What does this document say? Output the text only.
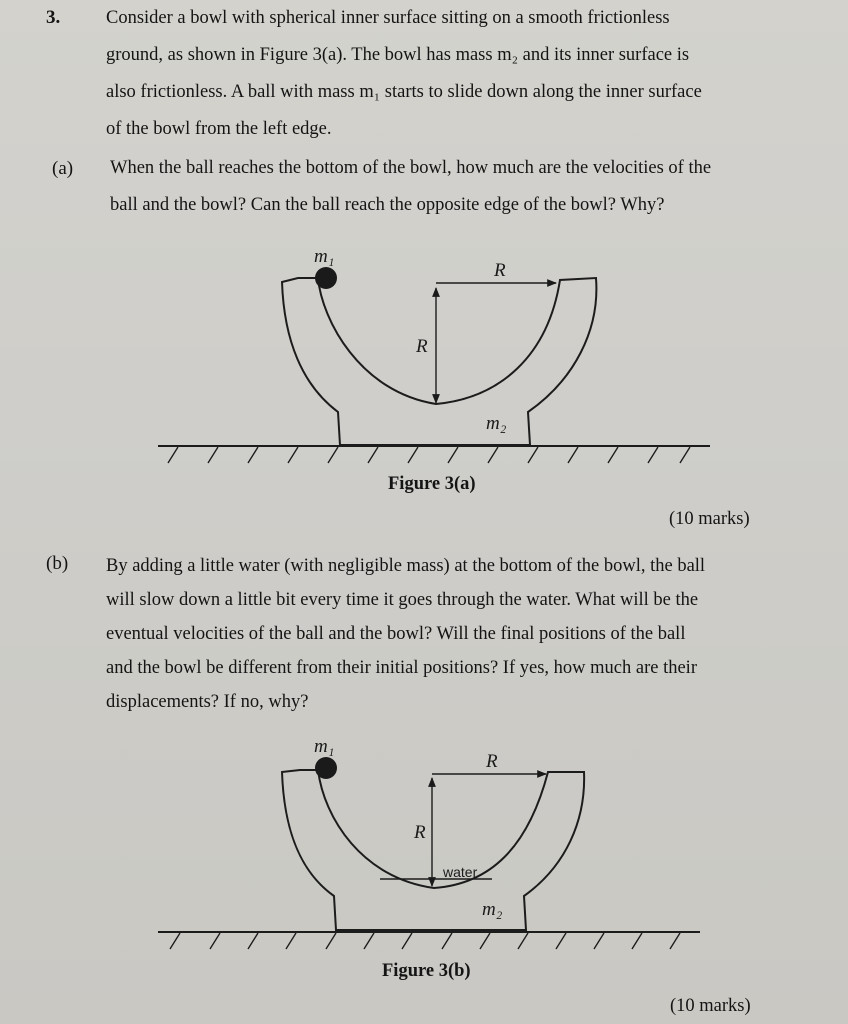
3. Consider a bowl with spherical inner surface sitting on a smooth frictionless
ground, as shown in Figure 3(a). The bowl has mass m₂ and its inner surface is
also frictionless. A ball with mass m₁ starts to slide down along the inner surface
of the bowl from the left edge.

(a) When the ball reaches the bottom of the bowl, how much are the velocities of the
ball and the bowl? Can the ball reach the opposite edge of the bowl? Why?

m₁
R
R
m₂
Figure 3(a)
(10 marks)
(b) By adding a little water (with negligible mass) at the bottom of the bowl, the ball
will slow down a little bit every time it goes through the water. What will be the
eventual velocities of the ball and the bowl? Will the final positions of the ball
and the bowl be different from their initial positions? If yes, how much are their
displacements? If no, why?

m₁
R
R
water
m₂
Figure 3(b)
(10 marks)
